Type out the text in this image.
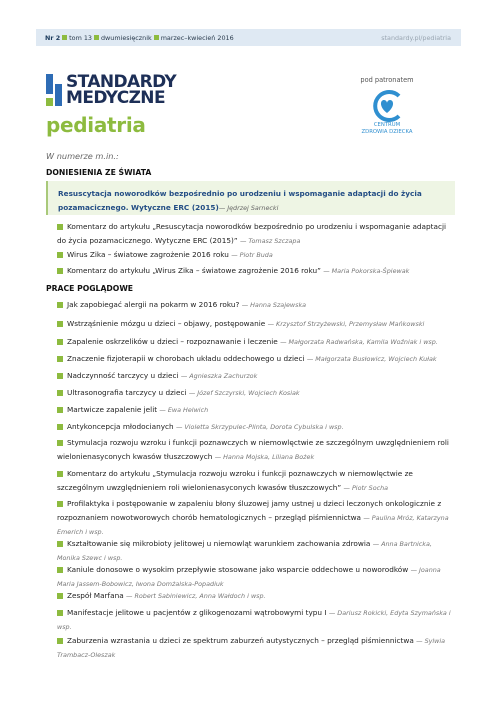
Nr 2 tom 13 dwumiesięcznik marzec–kwiecień 2016	standardy.pl/pediatria
STANDARDY
MEDYCZNE
pediatria
pod patronatem
CENTRUM
ZDROWIA DZIECKA
W numerze m.in.:
DONIESIENIA ZE ŚWIATA
Resuscytacja noworodków bezpośrednio po urodzeniu i wspomaganie adaptacji do życia pozamacicznego. Wytyczne ERC (2015)— Jędrzej Sarnecki
Komentarz do artykułu „Resuscytacja noworodków bezpośrednio po urodzeniu i wspomaganie adaptacji do życia pozamacicznego. Wytyczne ERC (2015)” — Tomasz Szczapa
Wirus Zika – światowe zagrożenie 2016 roku — Piotr Buda
Komentarz do artykułu „Wirus Zika – światowe zagrożenie 2016 roku” — Maria Pokorska-Śpiewak
PRACE POGLĄDOWE
Jak zapobiegać alergii na pokarm w 2016 roku? — Hanna Szajewska
Wstrząśnienie mózgu u dzieci – objawy, postępowanie — Krzysztof Strzyżewski, Przemysław Mańkowski
Zapalenie oskrzelików u dzieci – rozpoznawanie i leczenie — Małgorzata Radwańska, Kamila Woźniak i wsp.
Znaczenie fizjoterapii w chorobach układu oddechowego u dzieci — Małgorzata Busłowicz, Wojciech Kułak
Nadczynność tarczycy u dzieci — Agnieszka Zachurzok
Ultrasonografia tarczycy u dzieci — Józef Szczyrski, Wojciech Kosiak
Martwicze zapalenie jelit — Ewa Helwich
Antykoncepcja młodocianych — Violetta Skrzypulec-Plinta, Dorota Cybulska i wsp.
Stymulacja rozwoju wzroku i funkcji poznawczych w niemowlęctwie ze szczególnym uwzględnieniem roli wielonienasyconych kwasów tłuszczowych — Hanna Mojska, Liliana Bożek
Komentarz do artykułu „Stymulacja rozwoju wzroku i funkcji poznawczych w niemowlęctwie ze szczególnym uwzględnieniem roli wielonienasyconych kwasów tłuszczowych” — Piotr Socha
Profilaktyka i postępowanie w zapaleniu błony śluzowej jamy ustnej u dzieci leczonych onkologicznie z rozpoznaniem nowotworowych chorób hematologicznych – przegląd piśmiennictwa — Paulina Mróz, Katarzyna Emerich i wsp.
Kształtowanie się mikrobioty jelitowej u niemowląt warunkiem zachowania zdrowia — Anna Bartnicka, Monika Szewc i wsp.
Kaniule donosowe o wysokim przepływie stosowane jako wsparcie oddechowe u noworodków — Joanna Maria Jassem-Bobowicz, Iwona Domżalska-Popadiuk
Zespół Marfana — Robert Sabiniewicz, Anna Wałdoch i wsp.
Manifestacje jelitowe u pacjentów z glikogenozami wątrobowymi typu I — Dariusz Rokicki, Edyta Szymańska i wsp.
Zaburzenia wzrastania u dzieci ze spektrum zaburzeń autystycznych – przegląd piśmiennictwa — Sylwia Trambacz-Oleszak
